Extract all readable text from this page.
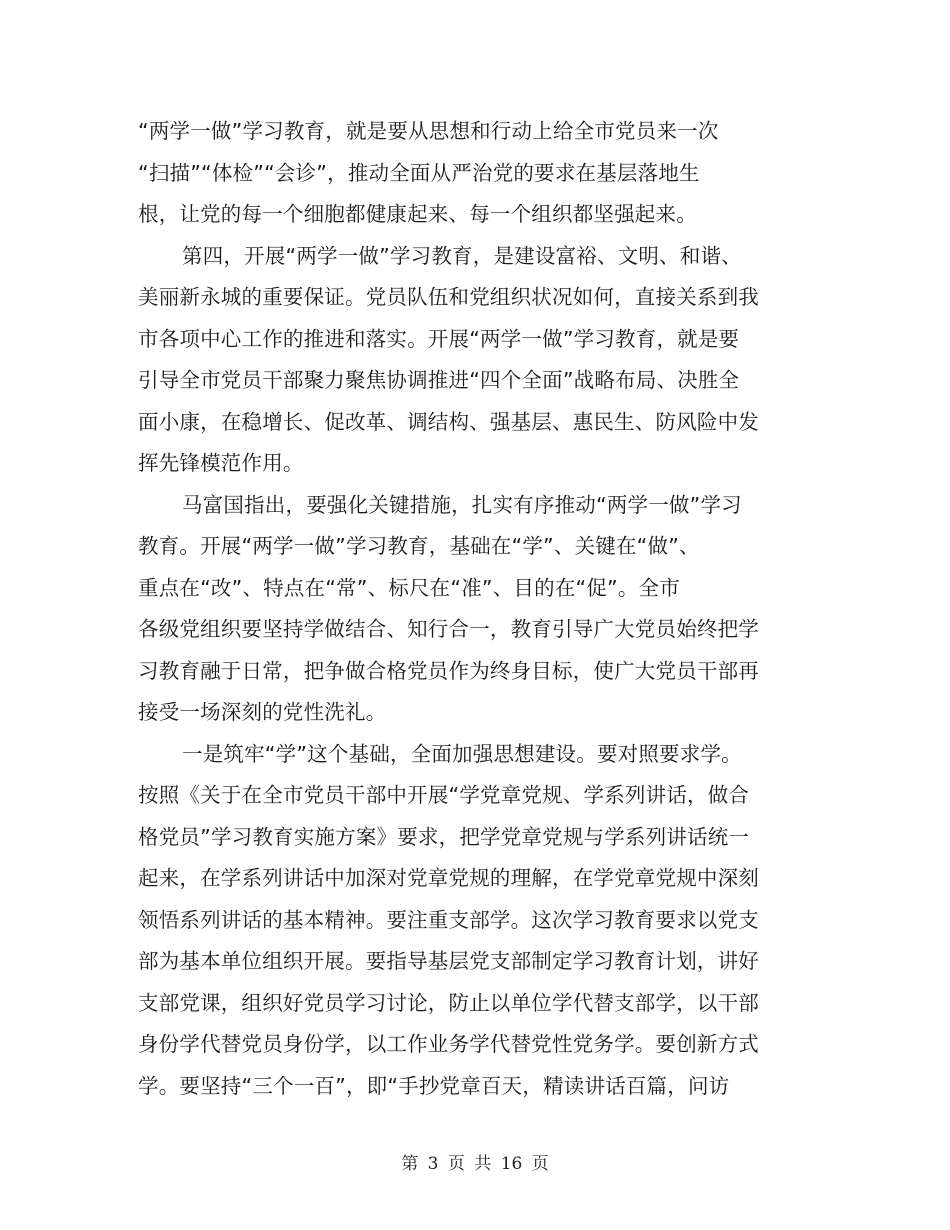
“两学一做”学习教育，就是要从思想和行动上给全市党员来一次
“扫描”“体检”“会诊”，推动全面从严治党的要求在基层落地生
根，让党的每一个细胞都健康起来、每一个组织都坚强起来。
第四，开展“两学一做”学习教育，是建设富裕、文明、和谐、
美丽新永城的重要保证。党员队伍和党组织状况如何，直接关系到我
市各项中心工作的推进和落实。开展“两学一做”学习教育，就是要
引导全市党员干部聚力聚焦协调推进“四个全面”战略布局、决胜全
面小康，在稳增长、促改革、调结构、强基层、惠民生、防风险中发
挥先锋模范作用。
马富国指出，要强化关键措施，扎实有序推动“两学一做”学习
教育。开展“两学一做”学习教育，基础在“学”、关键在“做”、
重点在“改”、特点在“常”、标尺在“准”、目的在“促”。全市
各级党组织要坚持学做结合、知行合一，教育引导广大党员始终把学
习教育融于日常，把争做合格党员作为终身目标，使广大党员干部再
接受一场深刻的党性洗礼。
一是筑牢“学”这个基础，全面加强思想建设。要对照要求学。
按照《关于在全市党员干部中开展“学党章党规、学系列讲话，做合
格党员”学习教育实施方案》要求，把学党章党规与学系列讲话统一
起来，在学系列讲话中加深对党章党规的理解，在学党章党规中深刻
领悟系列讲话的基本精神。要注重支部学。这次学习教育要求以党支
部为基本单位组织开展。要指导基层党支部制定学习教育计划，讲好
支部党课，组织好党员学习讨论，防止以单位学代替支部学，以干部
身份学代替党员身份学，以工作业务学代替党性党务学。要创新方式
学。要坚持“三个一百”，即“手抄党章百天，精读讲话百篇，问访
第 3 页 共 16 页
